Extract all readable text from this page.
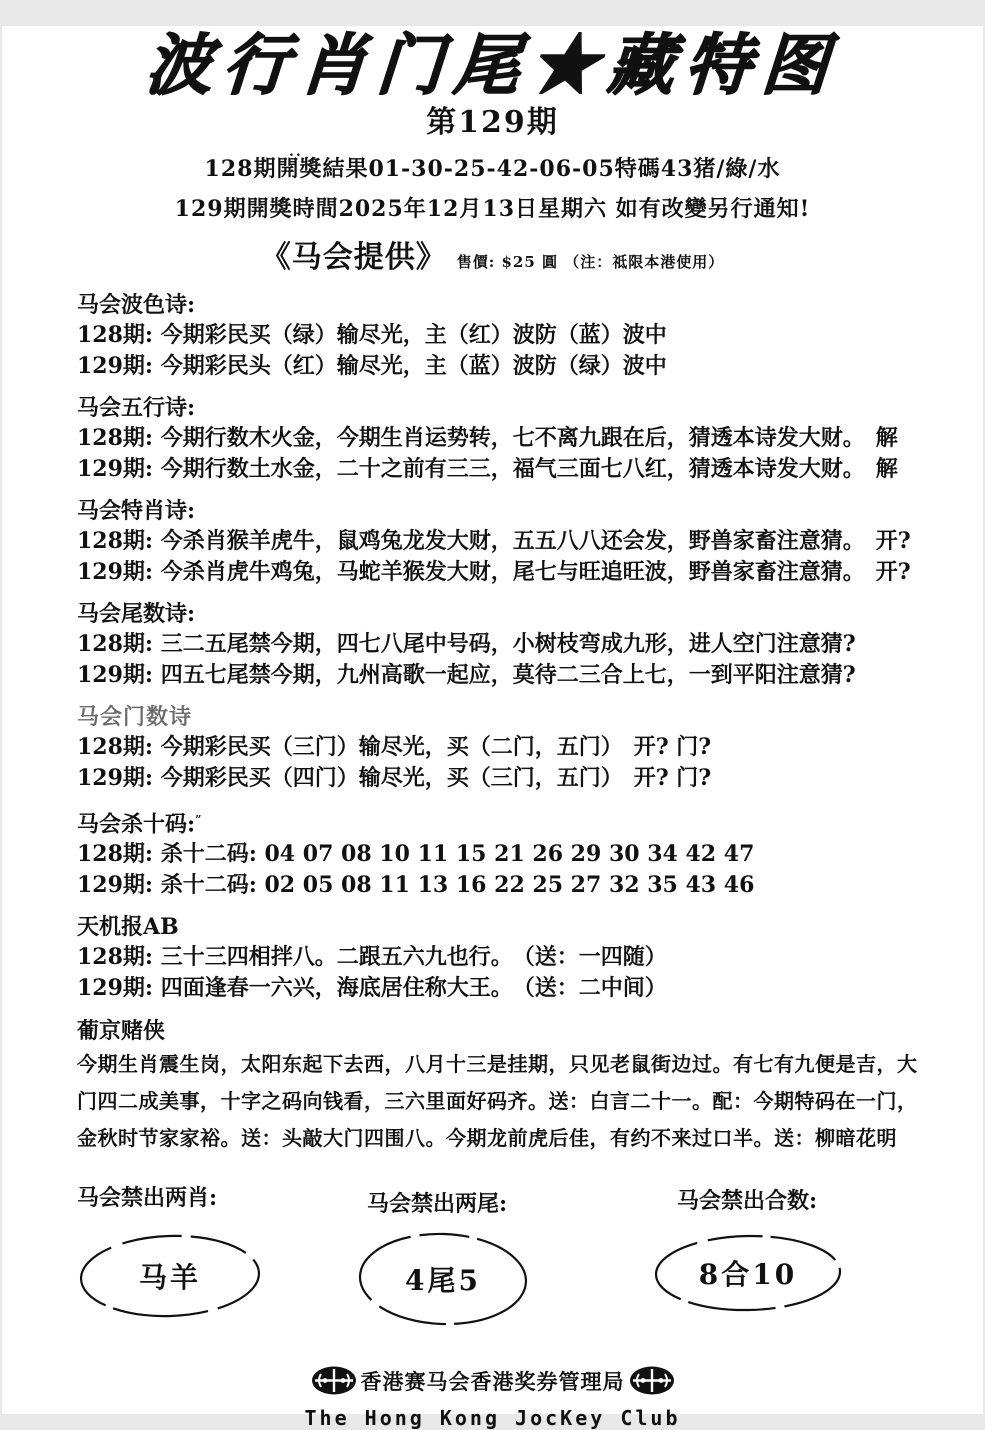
波行肖门尾★藏特图
..
第129期
128期開獎結果01-30-25-42-06-05特碼43猪/綠/水
129期開獎時間2025年12月13日星期六 如有改變另行通知!
《马会提供》 售價: $25 圓 （注：祗限本港使用）
马会波色诗:
128期: 今期彩民买（绿）输尽光，主（红）波防（蓝）波中
129期: 今期彩民头（红）输尽光，主（蓝）波防（绿）波中
马会五行诗:
128期: 今期行数木火金，今期生肖运势转，七不离九跟在后，猜透本诗发大财。　解
129期: 今期行数土水金，二十之前有三三，福气三面七八红，猜透本诗发大财。　解
马会特肖诗:
128期: 今杀肖猴羊虎牛，鼠鸡兔龙发大财，五五八八还会发，野兽家畜注意猜。　开?
129期: 今杀肖虎牛鸡兔，马蛇羊猴发大财，尾七与旺追旺波，野兽家畜注意猜。　开?
马会尾数诗:
128期: 三二五尾禁今期，四七八尾中号码，小树枝弯成九形，进人空门注意猜?
129期: 四五七尾禁今期，九州高歌一起应，莫待二三合上七，一到平阳注意猜?
马会门数诗
128期: 今期彩民买（三门）输尽光，买（二门，五门）　开? 门?
129期: 今期彩民买（四门）输尽光，买（三门，五门）　开? 门?
马会杀十码:”
128期: 杀十二码: 04 07 08 10 11 15 21 26 29 30 34 42 47
129期: 杀十二码: 02 05 08 11 13 16 22 25 27 32 35 43 46
天机报AB
128期: 三十三四相拌八。二跟五六九也行。　（送：一四随）
129期: 四面逢春一六兴，海底居住称大王。　（送：二中间）
葡京赌侠
今期生肖震生岗，太阳东起下去西，八月十三是挂期，只见老鼠街边过。有七有九便是吉，大
门四二成美事，十字之码向钱看，三六里面好码齐。送：白言二十一。配：今期特码在一门，
金秋时节家家裕。送：头敲大门四围八。今期龙前虎后佳，有约不来过口半。送：柳暗花明
马会禁出两肖:	马会禁出两尾:	马会禁出合数:
马羊	4尾5	8合10
香港赛马会香港奖券管理局
The Hong Kong JocKey Club
